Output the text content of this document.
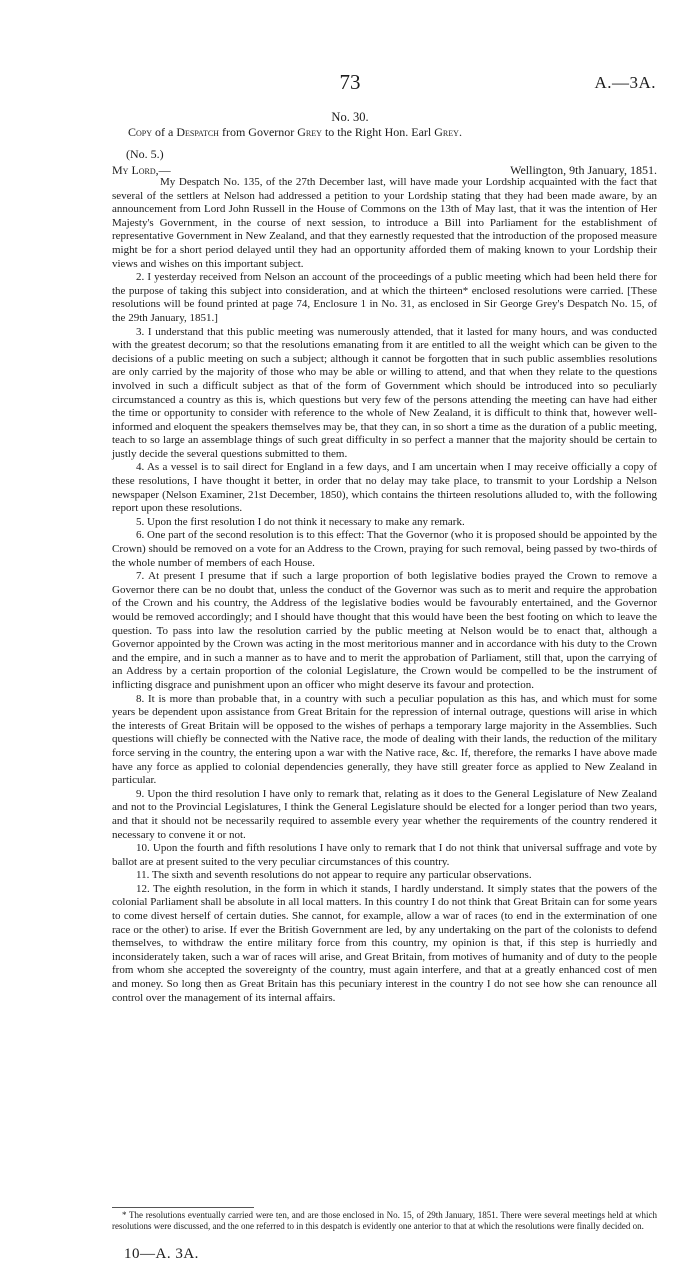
73	A.—3A.
No. 30.
Copy of a Despatch from Governor Grey to the Right Hon. Earl Grey.
(No. 5.)
My Lord,—	Wellington, 9th January, 1851.

My Despatch No. 135, of the 27th December last, will have made your Lordship acquainted with the fact that several of the settlers at Nelson had addressed a petition to your Lordship stating that they had been made aware, by an announcement from Lord John Russell in the House of Commons on the 13th of May last, that it was the intention of Her Majesty's Government, in the course of next session, to introduce a Bill into Parliament for the establishment of representative Government in New Zealand, and that they earnestly requested that the introduction of the proposed measure might be for a short period delayed until they had an opportunity afforded them of making known to your Lordship their views and wishes on this important subject.

2. I yesterday received from Nelson an account of the proceedings of a public meeting which had been held there for the purpose of taking this subject into consideration, and at which the thirteen* enclosed resolutions were carried. [These resolutions will be found printed at page 74, Enclosure 1 in No. 31, as enclosed in Sir George Grey's Despatch No. 15, of the 29th January, 1851.]

3. I understand that this public meeting was numerously attended, that it lasted for many hours, and was conducted with the greatest decorum; so that the resolutions emanating from it are entitled to all the weight which can be given to the decisions of a public meeting on such a subject; although it cannot be forgotten that in such public assemblies resolutions are only carried by the majority of those who may be able or willing to attend, and that when they relate to the questions involved in such a difficult subject as that of the form of Government which should be introduced into so peculiarly circumstanced a country as this is, which questions but very few of the persons attending the meeting can have had either the time or opportunity to consider with reference to the whole of New Zealand, it is difficult to think that, however well-informed and eloquent the speakers themselves may be, that they can, in so short a time as the duration of a public meeting, teach to so large an assemblage things of such great difficulty in so perfect a manner that the majority should be certain to justly decide the several questions submitted to them.

4. As a vessel is to sail direct for England in a few days, and I am uncertain when I may receive officially a copy of these resolutions, I have thought it better, in order that no delay may take place, to transmit to your Lordship a Nelson newspaper (Nelson Examiner, 21st December, 1850), which contains the thirteen resolutions alluded to, with the following report upon these resolutions.

5. Upon the first resolution I do not think it necessary to make any remark.

6. One part of the second resolution is to this effect: That the Governor (who it is proposed should be appointed by the Crown) should be removed on a vote for an Address to the Crown, praying for such removal, being passed by two-thirds of the whole number of members of each House.

7. At present I presume that if such a large proportion of both legislative bodies prayed the Crown to remove a Governor there can be no doubt that, unless the conduct of the Governor was such as to merit and require the approbation of the Crown and his country, the Address of the legislative bodies would be favourably entertained, and the Governor would be removed accordingly; and I should have thought that this would have been the best footing on which to leave the question. To pass into law the resolution carried by the public meeting at Nelson would be to enact that, although a Governor appointed by the Crown was acting in the most meritorious manner and in accordance with his duty to the Crown and the empire, and in such a manner as to have and to merit the approbation of Parliament, still that, upon the carrying of an Address by a certain proportion of the colonial Legislature, the Crown would be compelled to be the instrument of inflicting disgrace and punishment upon an officer who might deserve its favour and protection.

8. It is more than probable that, in a country with such a peculiar population as this has, and which must for some years be dependent upon assistance from Great Britain for the repression of internal outrage, questions will arise in which the interests of Great Britain will be opposed to the wishes of perhaps a temporary large majority in the Assemblies. Such questions will chiefly be connected with the Native race, the mode of dealing with their lands, the reduction of the military force serving in the country, the entering upon a war with the Native race, &c. If, therefore, the remarks I have above made have any force as applied to colonial dependencies generally, they have still greater force as applied to New Zealand in particular.

9. Upon the third resolution I have only to remark that, relating as it does to the General Legislature of New Zealand and not to the Provincial Legislatures, I think the General Legislature should be elected for a longer period than two years, and that it should not be necessarily required to assemble every year whether the requirements of the country rendered it necessary to convene it or not.

10. Upon the fourth and fifth resolutions I have only to remark that I do not think that universal suffrage and vote by ballot are at present suited to the very peculiar circumstances of this country.

11. The sixth and seventh resolutions do not appear to require any particular observations.

12. The eighth resolution, in the form in which it stands, I hardly understand. It simply states that the powers of the colonial Parliament shall be absolute in all local matters. In this country I do not think that Great Britain can for some years to come divest herself of certain duties. She cannot, for example, allow a war of races (to end in the extermination of one race or the other) to arise. If ever the British Government are led, by any undertaking on the part of the colonists to defend themselves, to withdraw the entire military force from this country, my opinion is that, if this step is hurriedly and inconsiderately taken, such a war of races will arise, and Great Britain, from motives of humanity and of duty to the people from whom she accepted the sovereignty of the country, must again interfere, and that at a greatly enhanced cost of men and money. So long then as Great Britain has this pecuniary interest in the country I do not see how she can renounce all control over the management of its internal affairs.

* The resolutions eventually carried were ten, and are those enclosed in No. 15, of 29th January, 1851. There were several meetings held at which resolutions were discussed, and the one referred to in this despatch is evidently one anterior to that at which the resolutions were finally decided on.

10—A. 3A.
